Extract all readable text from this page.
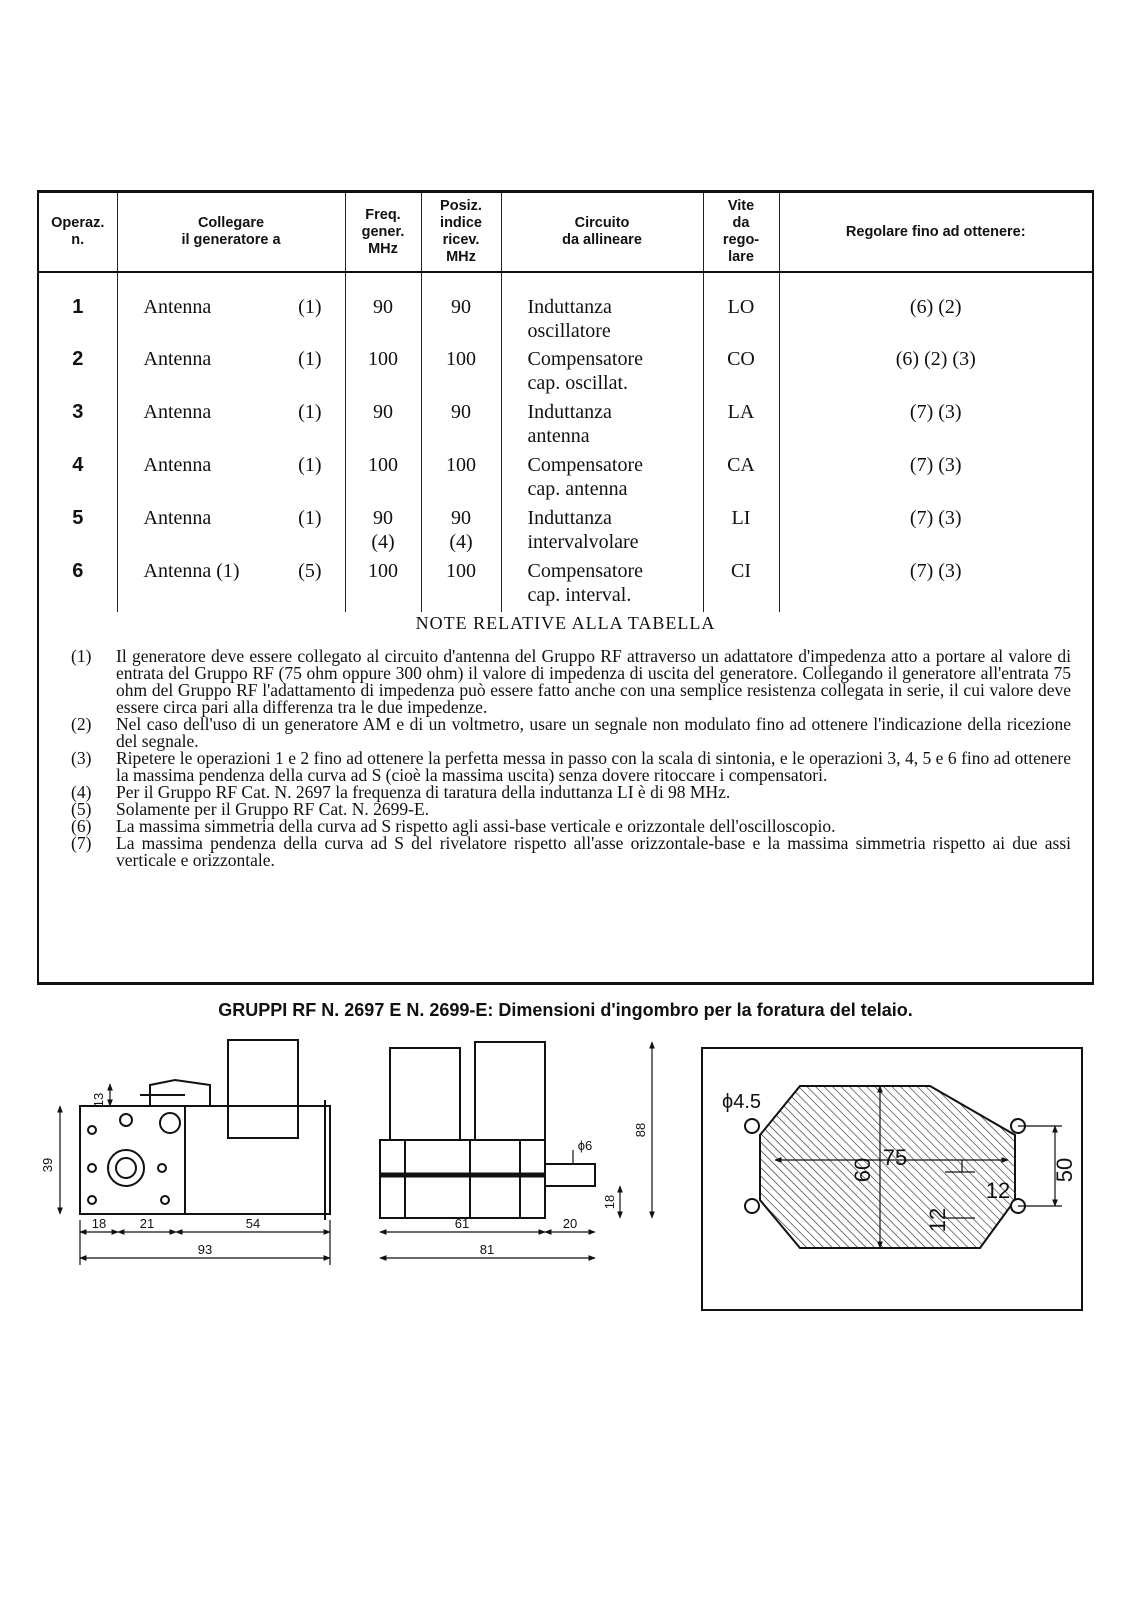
Operaz.
n.	Collegare
il generatore a	Freq.
gener.
MHz	Posiz.
indice
ricev.
MHz	Circuito
da allineare	Vite
da
rego-
lare	Regolare fino ad ottenere:
1	Antenna (1)	90	90	Induttanza
oscillatore	LO	(6) (2)
2	Antenna (1)	100	100	Compensatore
cap. oscillat.	CO	(6) (2) (3)
3	Antenna (1)	90	90	Induttanza
antenna	LA	(7) (3)
4	Antenna (1)	100	100	Compensatore
cap. antenna	CA	(7) (3)
5	Antenna (1)	90
(4)	90
(4)	Induttanza
intervalvolare	LI	(7) (3)
6	Antenna (1) (5)	100	100	Compensatore
cap. interval.	CI	(7) (3)
NOTE RELATIVE ALLA TABELLA
(1)	Il generatore deve essere collegato al circuito d'antenna del Gruppo RF attraverso un adattatore d'impedenza atto a portare al valore di entrata del Gruppo RF (75 ohm oppure 300 ohm) il valore di impedenza di uscita del generatore. Collegando il generatore all'entrata 75 ohm del Gruppo RF l'adattamento di impedenza può essere fatto anche con una semplice resistenza collegata in serie, il cui valore deve essere circa pari alla differenza tra le due impedenze.
(2)	Nel caso dell'uso di un generatore AM e di un voltmetro, usare un segnale non modulato fino ad ottenere l'indicazione della ricezione del segnale.
(3)	Ripetere le operazioni 1 e 2 fino ad ottenere la perfetta messa in passo con la scala di sintonia, e le operazioni 3, 4, 5 e 6 fino ad ottenere la massima pendenza della curva ad S (cioè la massima uscita) senza dovere ritoccare i compensatori.
(4)	Per il Gruppo RF Cat. N. 2697 la frequenza di taratura della induttanza LI è di 98 MHz.
(5)	Solamente per il Gruppo RF Cat. N. 2699-E.
(6)	La massima simmetria della curva ad S rispetto agli assi-base verticale e orizzontale dell'oscilloscopio.
(7)	La massima pendenza della curva ad S del rivelatore rispetto all'asse orizzontale-base e la massima simmetria rispetto ai due assi verticale e orizzontale.
GRUPPI RF N. 2697 E N. 2699-E: Dimensioni d'ingombro per la foratura del telaio.
39
13
18	21	54
93
88
ϕ6
18
61	20
81
ϕ4.5
75
60	50
12
12
